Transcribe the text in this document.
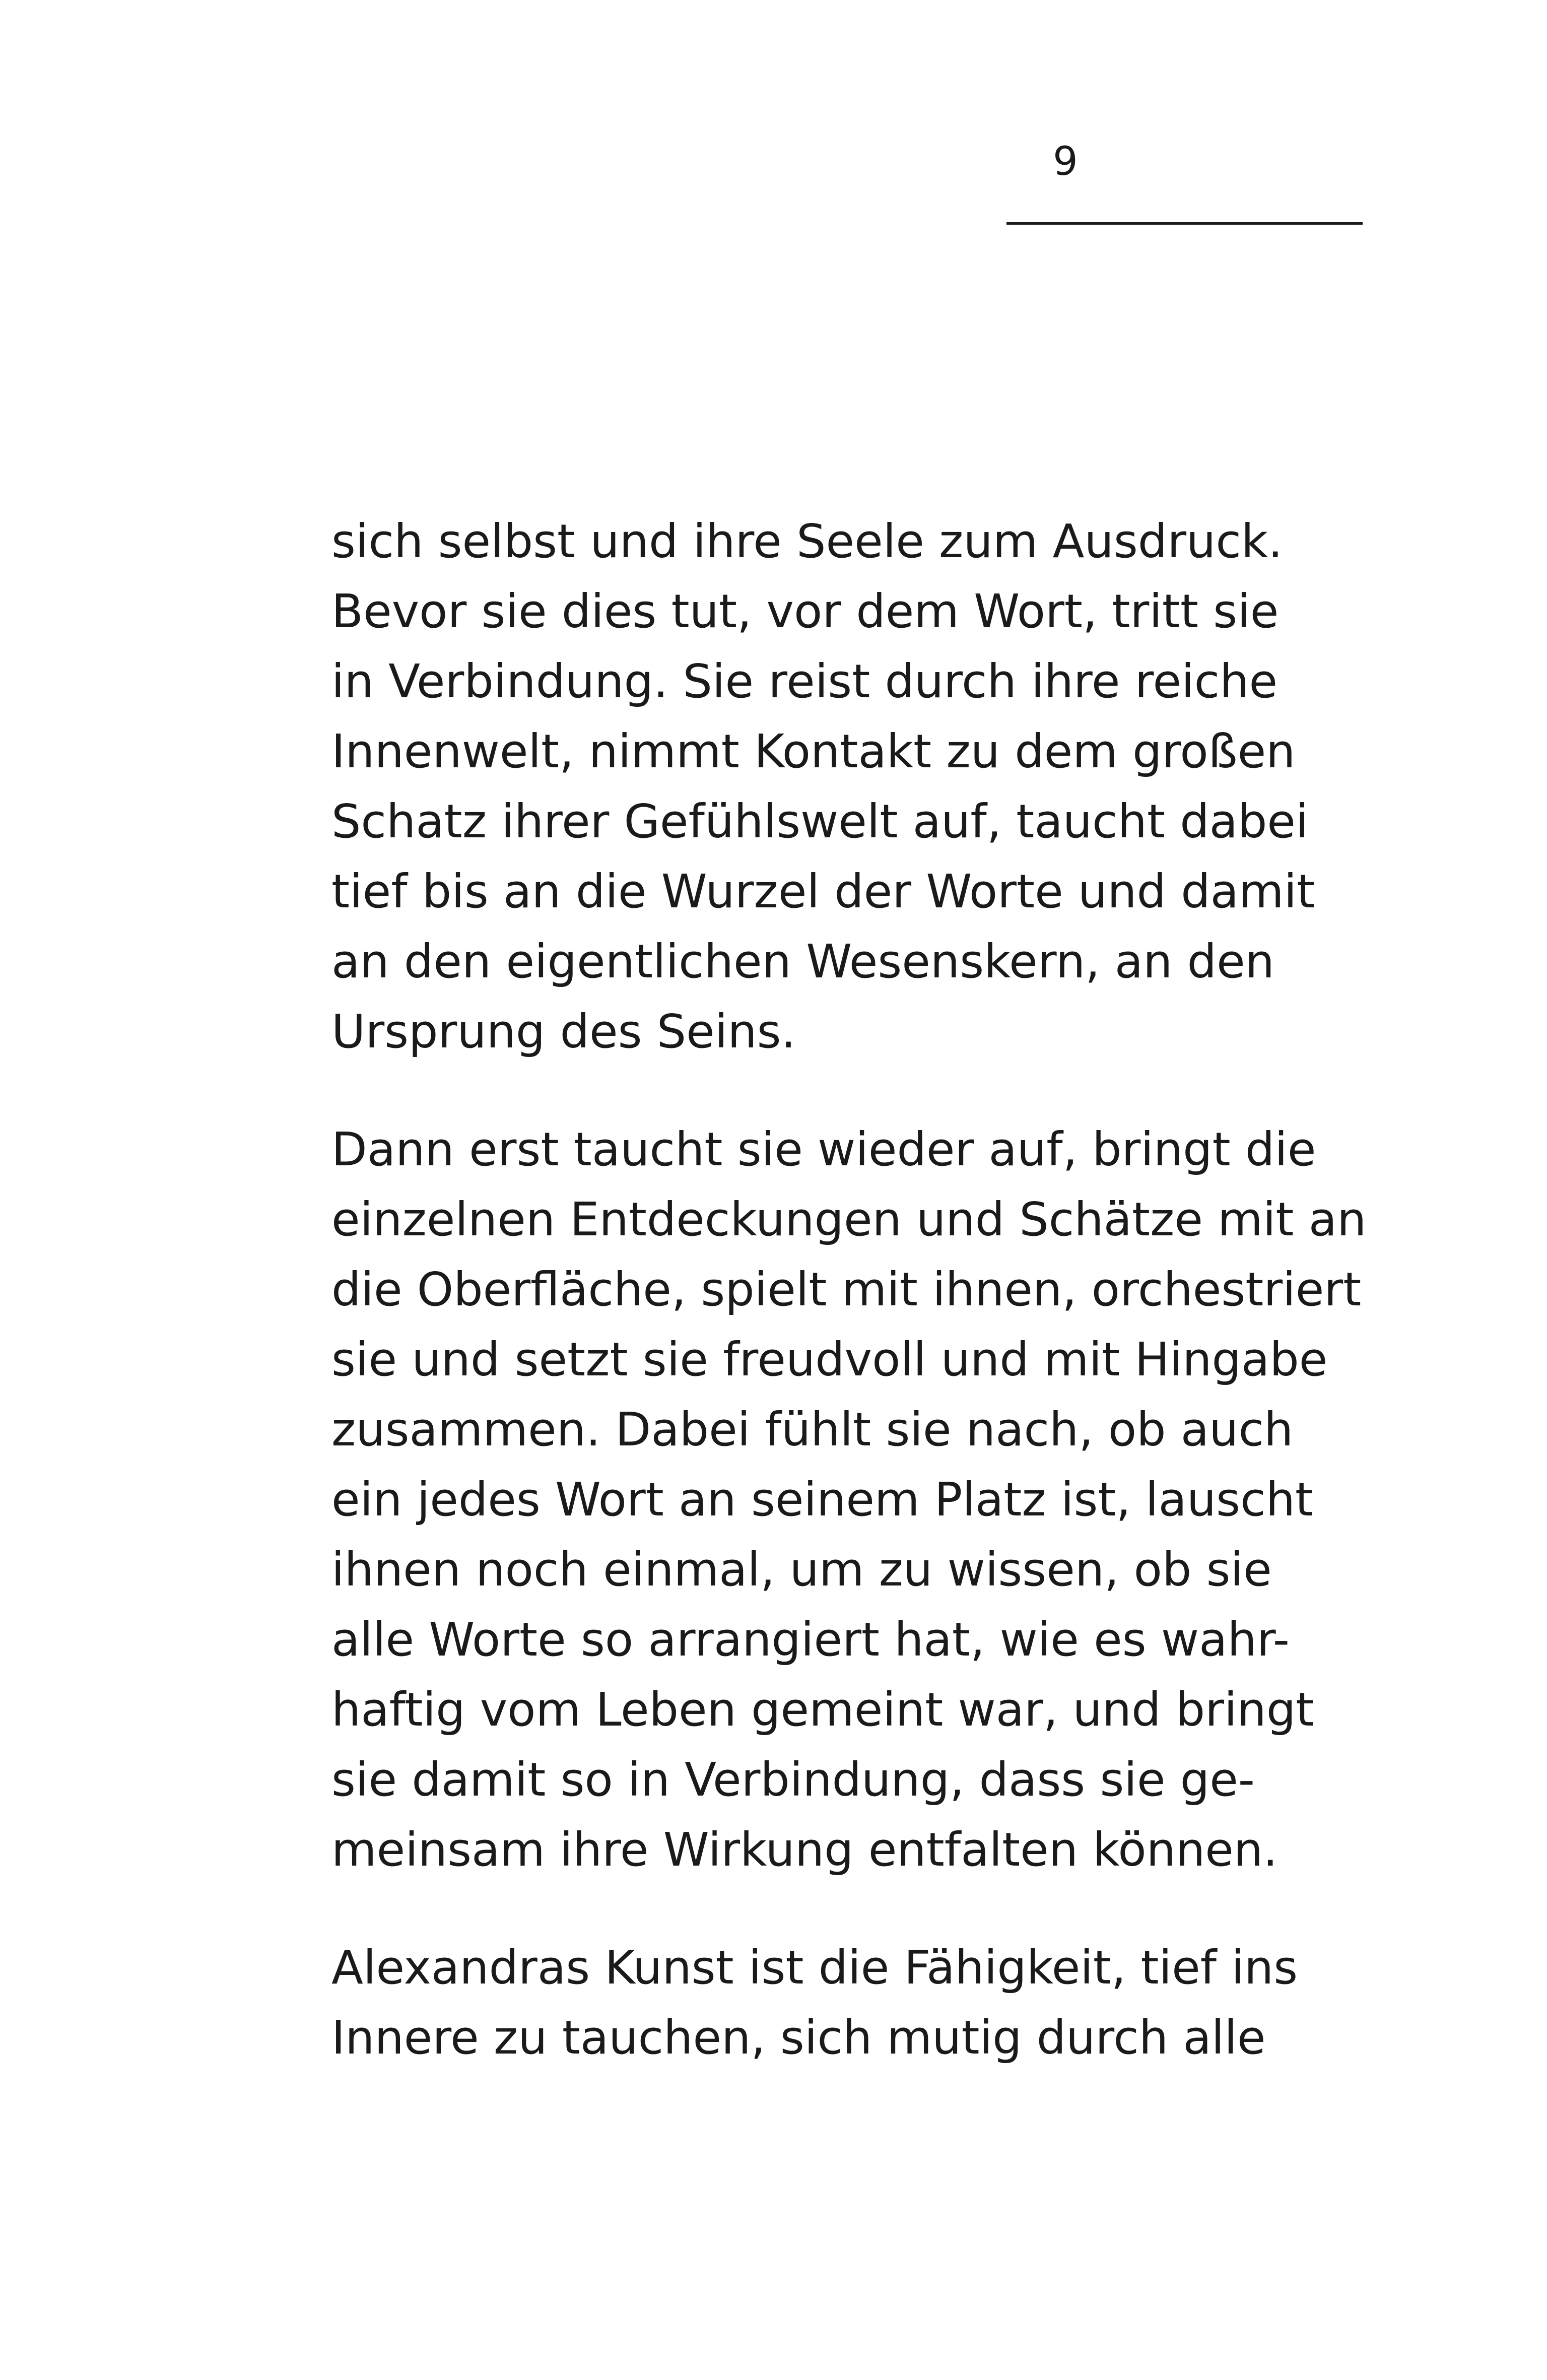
9

sich selbst und ihre Seele zum Ausdruck.
Bevor sie dies tut, vor dem Wort, tritt sie
in Verbindung. Sie reist durch ihre reiche
Innenwelt, nimmt Kontakt zu dem großen
Schatz ihrer Gefühlswelt auf, taucht dabei
tief bis an die Wurzel der Worte und damit
an den eigentlichen Wesenskern, an den
Ursprung des Seins.

Dann erst taucht sie wieder auf, bringt die
einzelnen Entdeckungen und Schätze mit an
die Oberfläche, spielt mit ihnen, orchestriert
sie und setzt sie freudvoll und mit Hingabe
zusammen. Dabei fühlt sie nach, ob auch
ein jedes Wort an seinem Platz ist, lauscht
ihnen noch einmal, um zu wissen, ob sie
alle Worte so arrangiert hat, wie es wahr-
haftig vom Leben gemeint war, und bringt
sie damit so in Verbindung, dass sie ge-
meinsam ihre Wirkung entfalten können.

Alexandras Kunst ist die Fähigkeit, tief ins
Innere zu tauchen, sich mutig durch alle
